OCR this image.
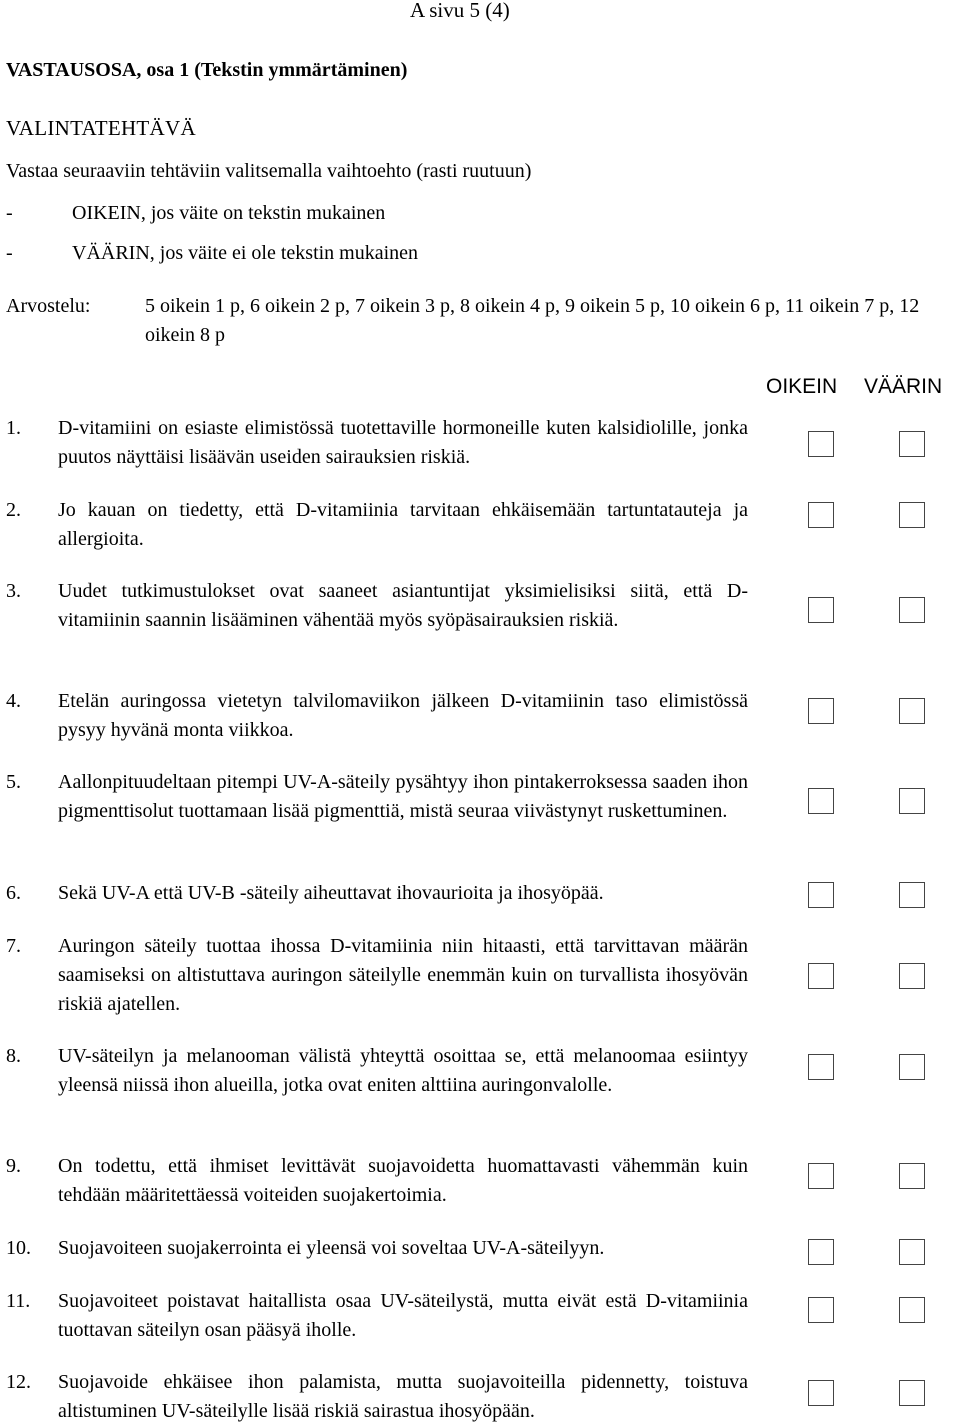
A sivu 5 (4)
VASTAUSOSA, osa 1 (Tekstin ymmärtäminen)
VALINTATEHTÄVÄ
Vastaa seuraaviin tehtäviin valitsemalla vaihtoehto (rasti ruutuun)
-	OIKEIN, jos väite on tekstin mukainen
-	VÄÄRIN, jos väite ei ole tekstin mukainen
Arvostelu:	5 oikein 1 p, 6 oikein 2 p, 7 oikein 3 p, 8 oikein 4 p, 9 oikein 5 p, 10 oikein 6 p, 11 oikein 7 p, 12 oikein 8 p
OIKEIN VÄÄRIN
1. D-vitamiini on esiaste elimistössä tuotettaville hormoneille kuten kalsidiolille, jonka puutos näyttäisi lisäävän useiden sairauksien riskiä.
2. Jo kauan on tiedetty, että D-vitamiinia tarvitaan ehkäisemään tartuntatauteja ja allergioita.
3. Uudet tutkimustulokset ovat saaneet asiantuntijat yksimielisiksi siitä, että D-vitamiinin saannin lisääminen vähentää myös syöpäsairauksien riskiä.
4. Etelän auringossa vietetyn talvilomaviikon jälkeen D-vitamiinin taso elimistössä pysyy hyvänä monta viikkoa.
5. Aallonpituudeltaan pitempi UV-A-säteily pysähtyy ihon pintakerroksessa saaden ihon pigmenttisolut tuottamaan lisää pigmenttiä, mistä seuraa viivästynyt ruskettuminen.
6. Sekä UV-A että UV-B -säteily aiheuttavat ihovaurioita ja ihosyöpää.
7. Auringon säteily tuottaa ihossa D-vitamiinia niin hitaasti, että tarvittavan määrän saamiseksi on altistuttava auringon säteilylle enemmän kuin on turvallista ihosyövän riskiä ajatellen.
8. UV-säteilyn ja melanooman välistä yhteyttä osoittaa se, että melanoomaa esiintyy yleensä niissä ihon alueilla, jotka ovat eniten alttiina auringonvalolle.
9. On todettu, että ihmiset levittävät suojavoidetta huomattavasti vähemmän kuin tehdään määritettäessä voiteiden suojakertoimia.
10. Suojavoiteen suojakerrointa ei yleensä voi soveltaa UV-A-säteilyyn.
11. Suojavoiteet poistavat haitallista osaa UV-säteilystä, mutta eivät estä D-vitamiinia tuottavan säteilyn osan pääsyä iholle.
12. Suojavoide ehkäisee ihon palamista, mutta suojavoiteilla pidennetty, toistuva altistuminen UV-säteilylle lisää riskiä sairastua ihosyöpään.
